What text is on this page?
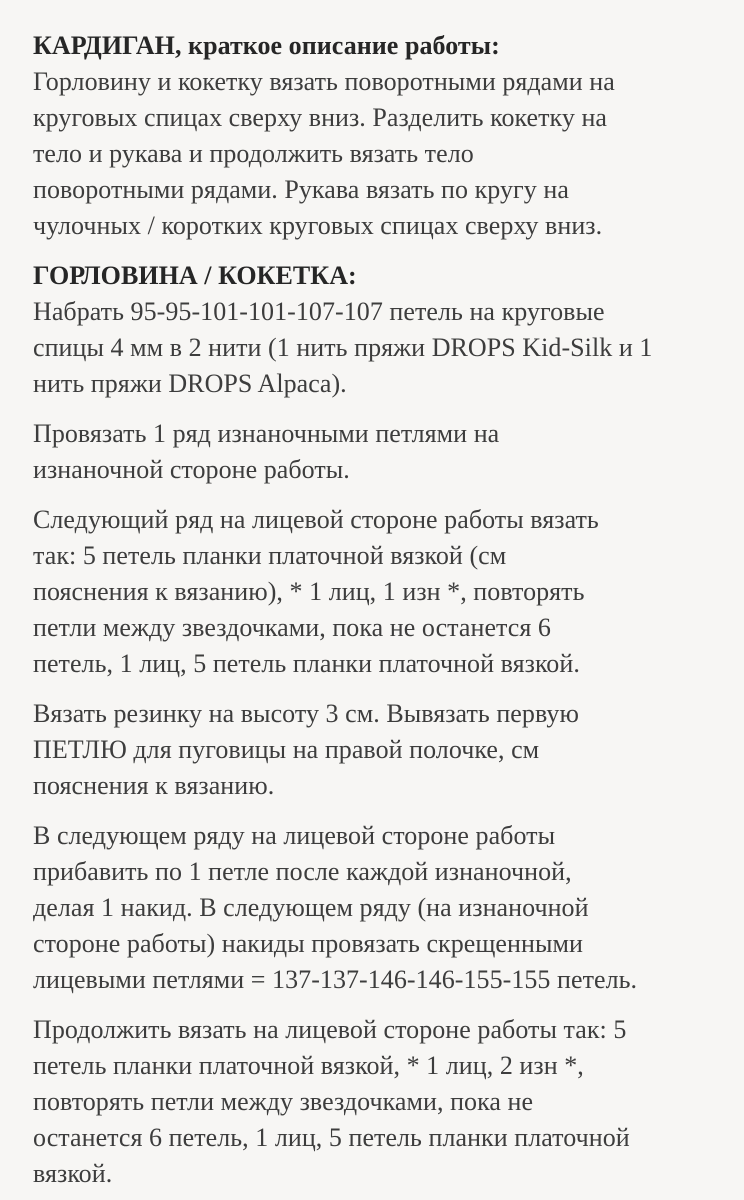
КАРДИГАН, краткое описание работы:
Горловину и кокетку вязать поворотными рядами на
круговых спицах сверху вниз. Разделить кокетку на
тело и рукава и продолжить вязать тело
поворотными рядами. Рукава вязать по кругу на
чулочных / коротких круговых спицах сверху вниз.
ГОРЛОВИНА / КОКЕТКА:
Набрать 95-95-101-101-107-107 петель на круговые
спицы 4 мм в 2 нити (1 нить пряжи DROPS Kid-Silk и 1
нить пряжи DROPS Alpaca).
Провязать 1 ряд изнаночными петлями на
изнаночной стороне работы.
Следующий ряд на лицевой стороне работы вязать
так: 5 петель планки платочной вязкой (см
пояснения к вязанию), * 1 лиц, 1 изн *, повторять
петли между звездочками, пока не останется 6
петель, 1 лиц, 5 петель планки платочной вязкой.
Вязать резинку на высоту 3 см. Вывязать первую
ПЕТЛЮ для пуговицы на правой полочке, см
пояснения к вязанию.
В следующем ряду на лицевой стороне работы
прибавить по 1 петле после каждой изнаночной,
делая 1 накид. В следующем ряду (на изнаночной
стороне работы) накиды провязать скрещенными
лицевыми петлями = 137-137-146-146-155-155 петель.
Продолжить вязать на лицевой стороне работы так: 5
петель планки платочной вязкой, * 1 лиц, 2 изн *,
повторять петли между звездочками, пока не
останется 6 петель, 1 лиц, 5 петель планки платочной
вязкой.
